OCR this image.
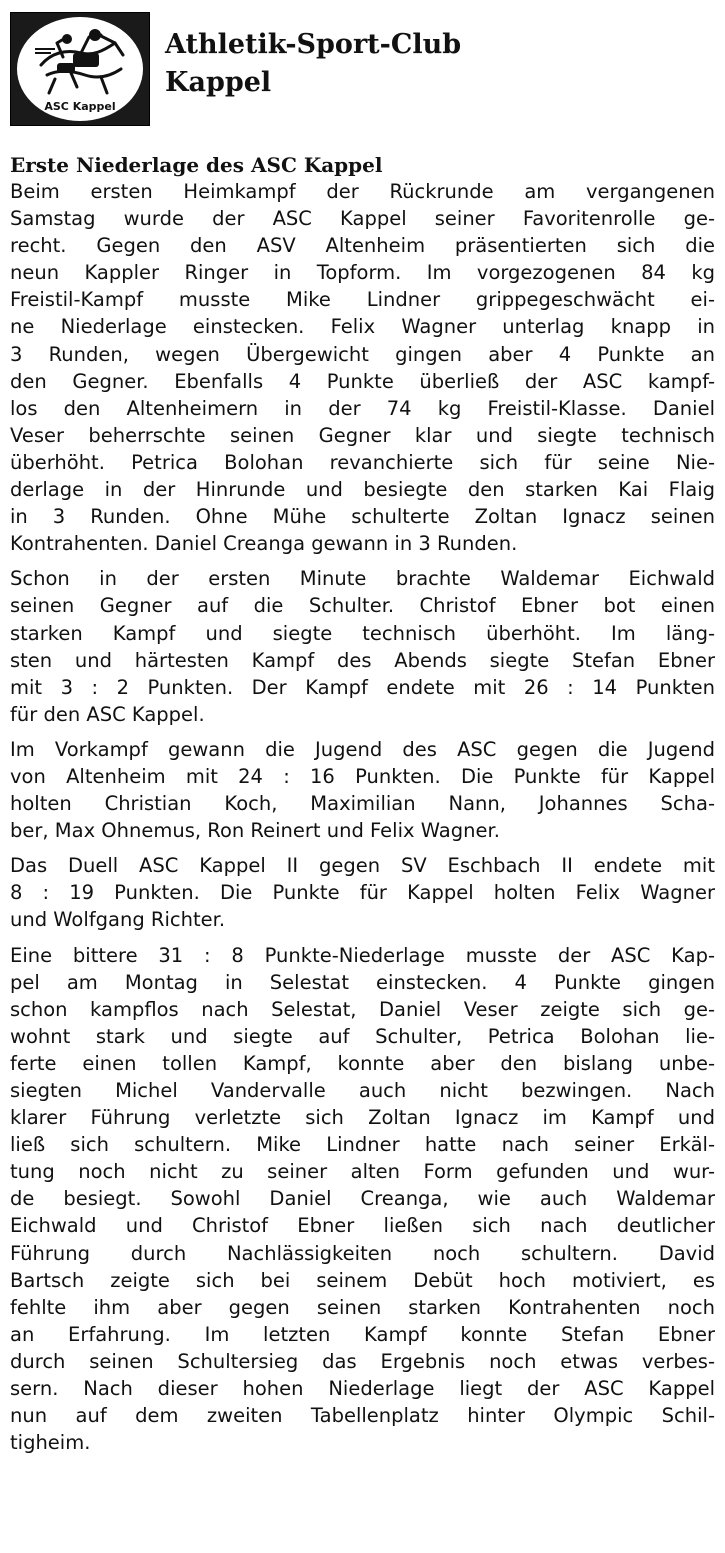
ASC Kappel
Athletik-Sport-Club
Kappel
Erste Niederlage des ASC Kappel
Beim ersten Heimkampf der Rückrunde am vergangenen
Samstag wurde der ASC Kappel seiner Favoritenrolle ge-
recht. Gegen den ASV Altenheim präsentierten sich die
neun Kappler Ringer in Topform. Im vorgezogenen 84 kg
Freistil-Kampf musste Mike Lindner grippegeschwächt ei-
ne Niederlage einstecken. Felix Wagner unterlag knapp in
3 Runden, wegen Übergewicht gingen aber 4 Punkte an
den Gegner. Ebenfalls 4 Punkte überließ der ASC kampf-
los den Altenheimern in der 74 kg Freistil-Klasse. Daniel
Veser beherrschte seinen Gegner klar und siegte technisch
überhöht. Petrica Bolohan revanchierte sich für seine Nie-
derlage in der Hinrunde und besiegte den starken Kai Flaig
in 3 Runden. Ohne Mühe schulterte Zoltan Ignacz seinen
Kontrahenten. Daniel Creanga gewann in 3 Runden.
Schon in der ersten Minute brachte Waldemar Eichwald
seinen Gegner auf die Schulter. Christof Ebner bot einen
starken Kampf und siegte technisch überhöht. Im läng-
sten und härtesten Kampf des Abends siegte Stefan Ebner
mit 3 : 2 Punkten. Der Kampf endete mit 26 : 14 Punkten
für den ASC Kappel.
Im Vorkampf gewann die Jugend des ASC gegen die Jugend
von Altenheim mit 24 : 16 Punkten. Die Punkte für Kappel
holten Christian Koch, Maximilian Nann, Johannes Scha-
ber, Max Ohnemus, Ron Reinert und Felix Wagner.
Das Duell ASC Kappel II gegen SV Eschbach II endete mit
8 : 19 Punkten. Die Punkte für Kappel holten Felix Wagner
und Wolfgang Richter.
Eine bittere 31 : 8 Punkte-Niederlage musste der ASC Kap-
pel am Montag in Selestat einstecken. 4 Punkte gingen
schon kampflos nach Selestat, Daniel Veser zeigte sich ge-
wohnt stark und siegte auf Schulter, Petrica Bolohan lie-
ferte einen tollen Kampf, konnte aber den bislang unbe-
siegten Michel Vandervalle auch nicht bezwingen. Nach
klarer Führung verletzte sich Zoltan Ignacz im Kampf und
ließ sich schultern. Mike Lindner hatte nach seiner Erkäl-
tung noch nicht zu seiner alten Form gefunden und wur-
de besiegt. Sowohl Daniel Creanga, wie auch Waldemar
Eichwald und Christof Ebner ließen sich nach deutlicher
Führung durch Nachlässigkeiten noch schultern. David
Bartsch zeigte sich bei seinem Debüt hoch motiviert, es
fehlte ihm aber gegen seinen starken Kontrahenten noch
an Erfahrung. Im letzten Kampf konnte Stefan Ebner
durch seinen Schultersieg das Ergebnis noch etwas verbes-
sern. Nach dieser hohen Niederlage liegt der ASC Kappel
nun auf dem zweiten Tabellenplatz hinter Olympic Schil-
tigheim.
